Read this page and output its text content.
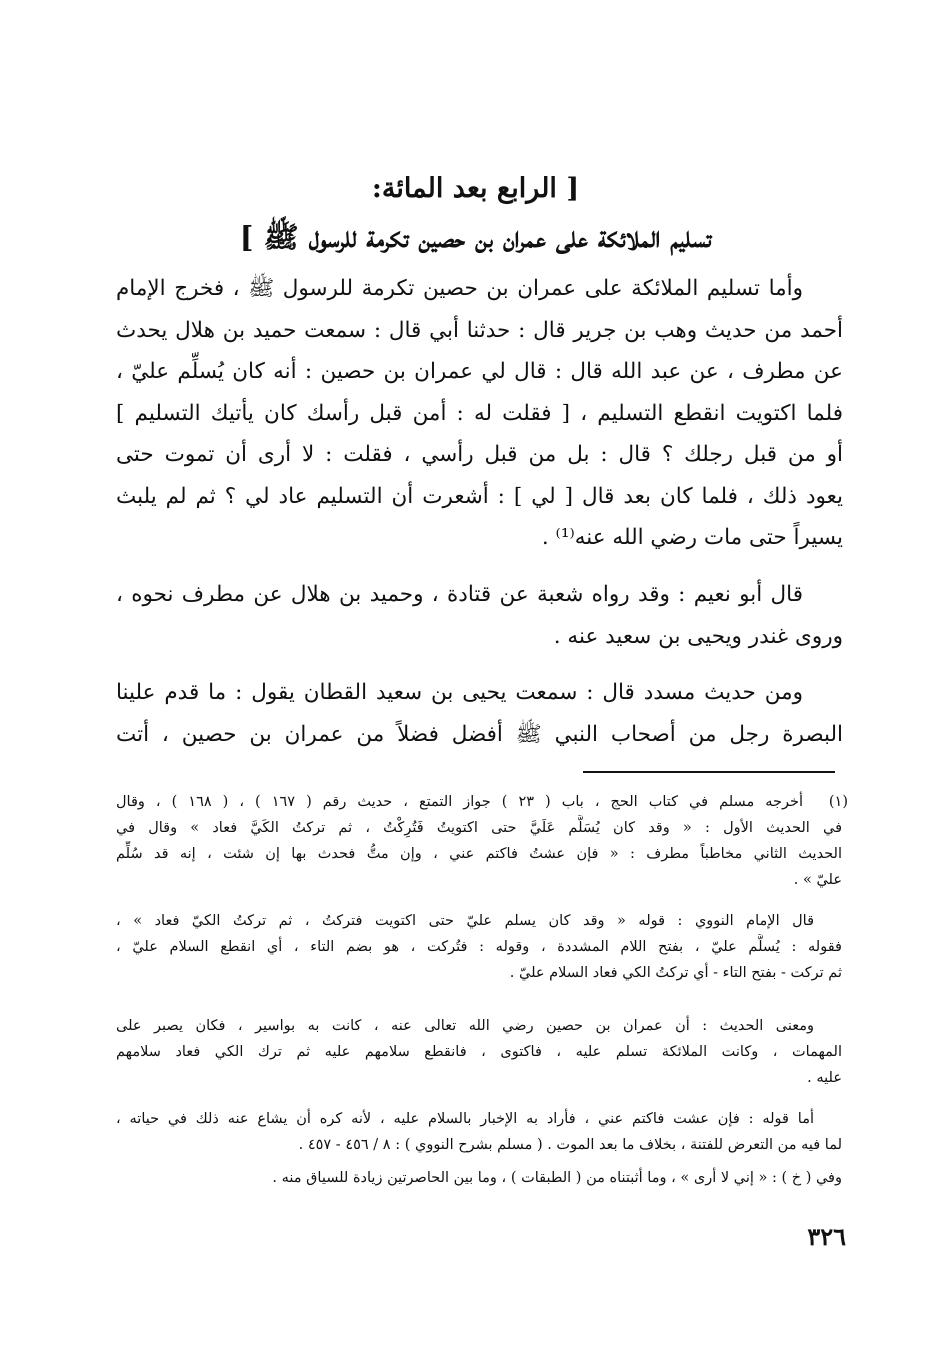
[ الرابع بعد المائة:
تسليم الملائكة على عمران بن حصين تكرمة للرسول ﷺ ]
وأما تسليم الملائكة على عمران بن حصين تكرمة للرسول ﷺ ، فخرج الإمام
أحمد من حديث وهب بن جرير قال : حدثنا أبي قال : سمعت حميد بن هلال يحدث
عن مطرف ، عن عبد الله قال : قال لي عمران بن حصين : أنه كان يُسلِّم عليّ ،
فلما اكتويت انقطع التسليم ، [ فقلت له : أمن قبل رأسك كان يأتيك التسليم ]
أو من قبل رجلك ؟ قال : بل من قبل رأسي ، فقلت : لا أرى أن تموت حتى
يعود ذلك ، فلما كان بعد قال [ لي ] : أشعرت أن التسليم عاد لي ؟ ثم لم يلبث
يسيراً حتى مات رضي الله عنه⁽¹⁾ .
قال أبو نعيم : وقد رواه شعبة عن قتادة ، وحميد بن هلال عن مطرف نحوه ،
وروى غندر ويحيى بن سعيد عنه .
ومن حديث مسدد قال : سمعت يحيى بن سعيد القطان يقول : ما قدم علينا
البصرة رجل من أصحاب النبي ﷺ أفضل فضلاً من عمران بن حصين ، أتت
(١)
أخرجه مسلم في كتاب الحج ، باب ( ٢٣ ) جواز التمتع ، حديث رقم ( ١٦٧ ) ، ( ١٦٨ ) ، وقال
في الحديث الأول : « وقد كان يُسَلَّم عَلَيَّ حتى اكتويتُ فَتُرِكْتُ ، ثم تركتُ الكَيَّ فعاد » وقال في
الحديث الثاني مخاطباً مطرف : « فإن عشتُ فاكتم عني ، وإن متُّ فحدث بها إن شئت ، إنه قد سُلِّم
عليّ » .
قال الإمام النووي : قوله « وقد كان يسلم عليّ حتى اكتويت فتركتُ ، ثم تركتُ الكيّ فعاد » ،
فقوله : يُسلَّم عليّ ، بفتح اللام المشددة ، وقوله : فتُركت ، هو بضم التاء ، أي انقطع السلام عليّ ،
ثم تركت - بفتح التاء - أي تركتُ الكي فعاد السلام عليّ .
ومعنى الحديث : أن عمران بن حصين رضي الله تعالى عنه ، كانت به بواسير ، فكان يصبر على
المهمات ، وكانت الملائكة تسلم عليه ، فاكتوى ، فانقطع سلامهم عليه ثم ترك الكي فعاد سلامهم
عليه .
أما قوله : فإن عشت فاكتم عني ، فأراد به الإخبار بالسلام عليه ، لأنه كره أن يشاع عنه ذلك في حياته ،
لما فيه من التعرض للفتنة ، بخلاف ما بعد الموت . ( مسلم بشرح النووي ) : ٨ / ٤٥٦ - ٤٥٧ .
وفي ( خ ) : « إني لا أرى » ، وما أثبتناه من ( الطبقات ) ، وما بين الحاصرتين زيادة للسياق منه .
٣٢٦
